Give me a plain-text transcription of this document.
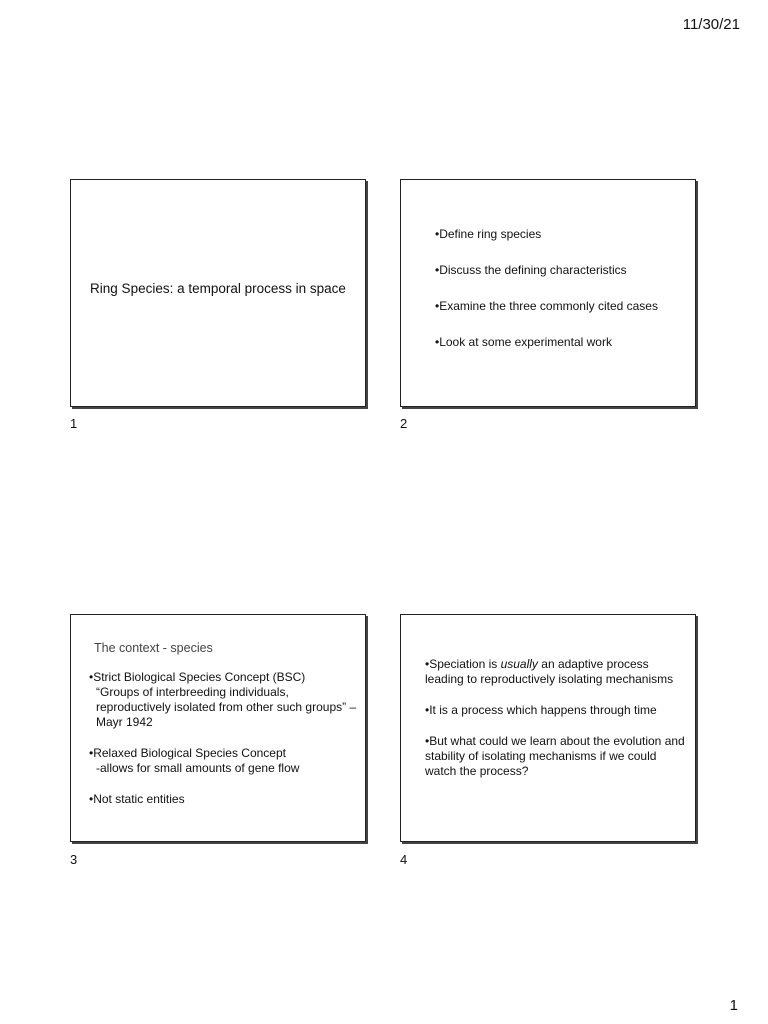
11/30/21
Ring Species: a temporal process in space
1
•Define ring species
•Discuss the defining characteristics
•Examine the three commonly cited cases
•Look at some experimental work
2
The context - species
•Strict Biological Species Concept (BSC)
“Groups of interbreeding individuals, reproductively isolated from other such groups” –Mayr 1942
•Relaxed Biological Species Concept
-allows for small amounts of gene flow
•Not static entities
3
•Speciation is usually an adaptive process leading to reproductively isolating mechanisms
•It is a process which happens through time
•But what could we learn about the evolution and stability of isolating mechanisms if we could watch the process?
4
1
